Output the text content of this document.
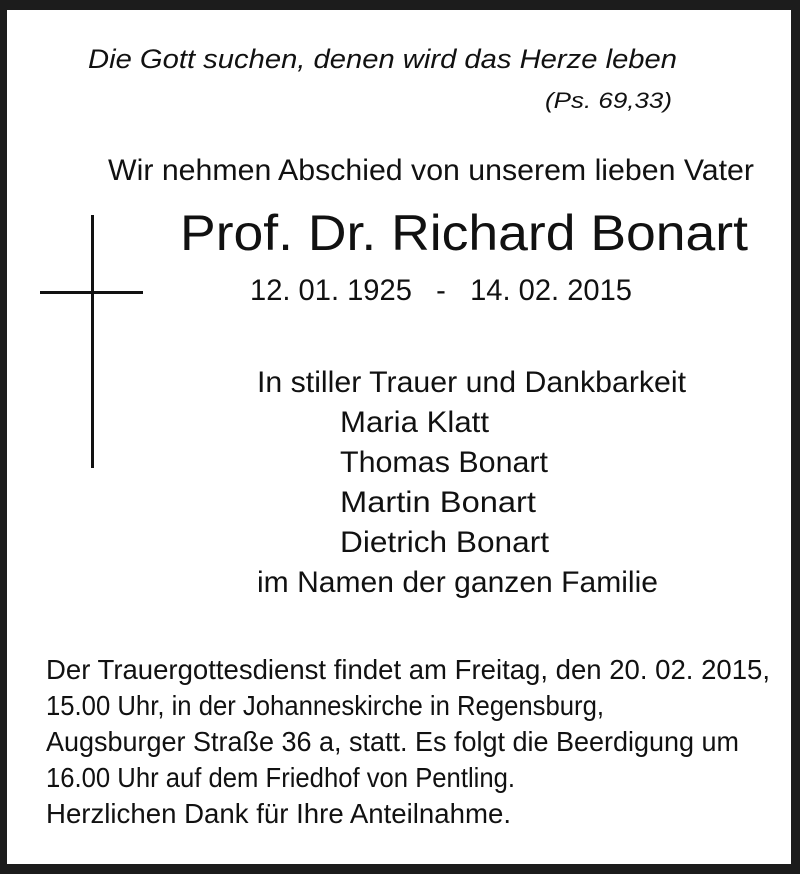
Die Gott suchen, denen wird das Herze leben
(Ps. 69,33)
Wir nehmen Abschied von unserem lieben Vater
Prof. Dr. Richard Bonart
12. 01. 1925   -   14. 02. 2015
In stiller Trauer und Dankbarkeit
Maria Klatt
Thomas Bonart
Martin Bonart
Dietrich Bonart
im Namen der ganzen Familie
Der Trauergottesdienst findet am Freitag, den 20. 02. 2015,
15.00 Uhr, in der Johanneskirche in Regensburg,
Augsburger Straße 36 a, statt. Es folgt die Beerdigung um
16.00 Uhr auf dem Friedhof von Pentling.
Herzlichen Dank für Ihre Anteilnahme.
